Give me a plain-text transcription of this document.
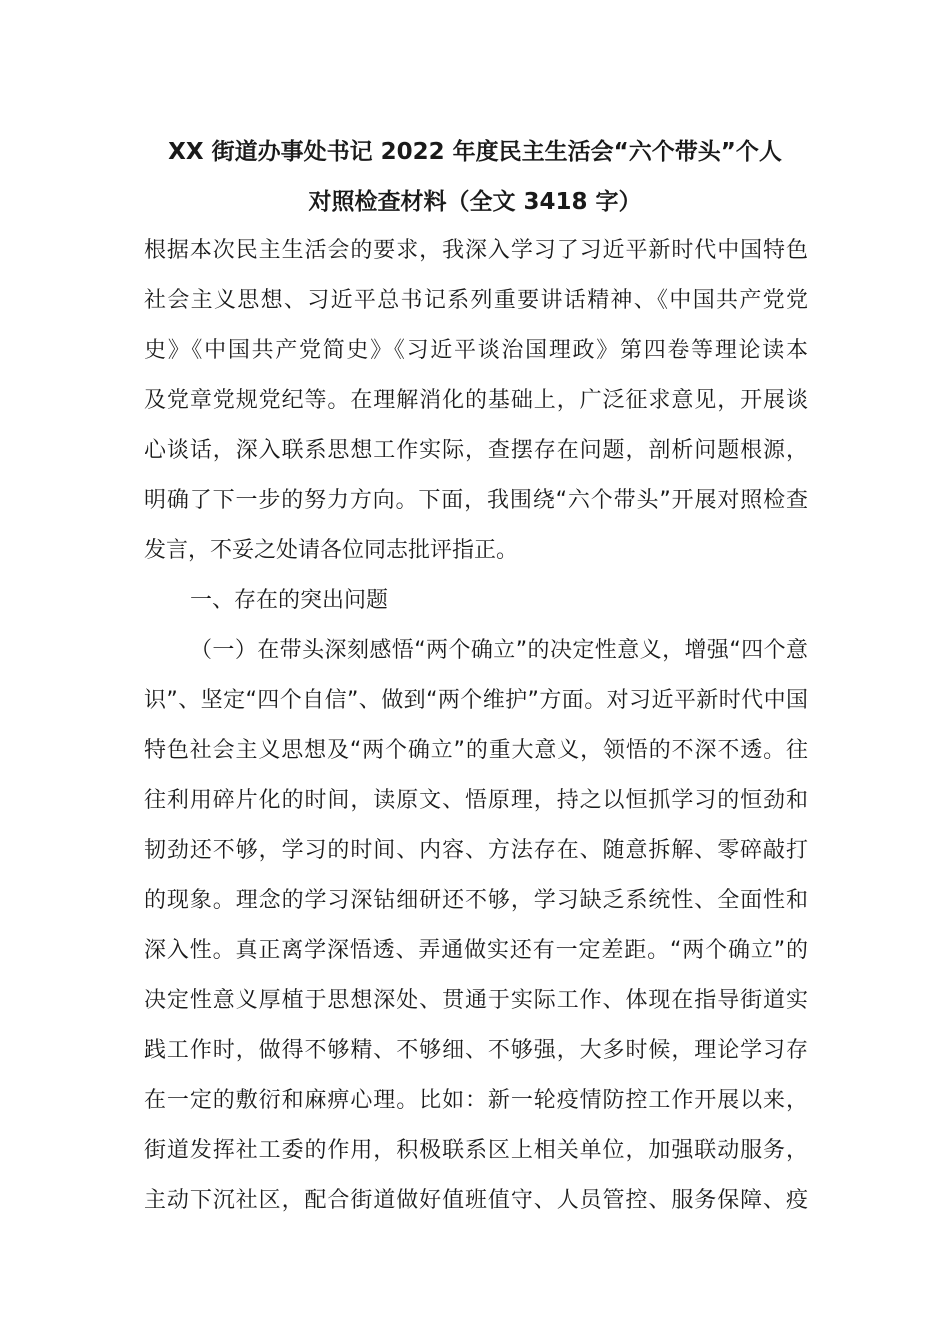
XX 街道办事处书记 2022 年度民主生活会“六个带头”个人
对照检查材料（全文 3418 字）
根据本次民主生活会的要求，我深入学习了习近平新时代中国特色
社会主义思想、习近平总书记系列重要讲话精神、《中国共产党党
史》《中国共产党简史》《习近平谈治国理政》第四卷等理论读本
及党章党规党纪等。在理解消化的基础上，广泛征求意见，开展谈
心谈话，深入联系思想工作实际，查摆存在问题，剖析问题根源，
明确了下一步的努力方向。下面，我围绕“六个带头”开展对照检查
发言，不妥之处请各位同志批评指正。
一、存在的突出问题
（一）在带头深刻感悟“两个确立”的决定性意义，增强“四个意
识”、坚定“四个自信”、做到“两个维护”方面。对习近平新时代中国
特色社会主义思想及“两个确立”的重大意义，领悟的不深不透。往
往利用碎片化的时间，读原文、悟原理，持之以恒抓学习的恒劲和
韧劲还不够，学习的时间、内容、方法存在、随意拆解、零碎敲打
的现象。理念的学习深钻细研还不够，学习缺乏系统性、全面性和
深入性。真正离学深悟透、弄通做实还有一定差距。“两个确立”的
决定性意义厚植于思想深处、贯通于实际工作、体现在指导街道实
践工作时，做得不够精、不够细、不够强，大多时候，理论学习存
在一定的敷衍和麻痹心理。比如：新一轮疫情防控工作开展以来，
街道发挥社工委的作用，积极联系区上相关单位，加强联动服务，
主动下沉社区，配合街道做好值班值守、人员管控、服务保障、疫
